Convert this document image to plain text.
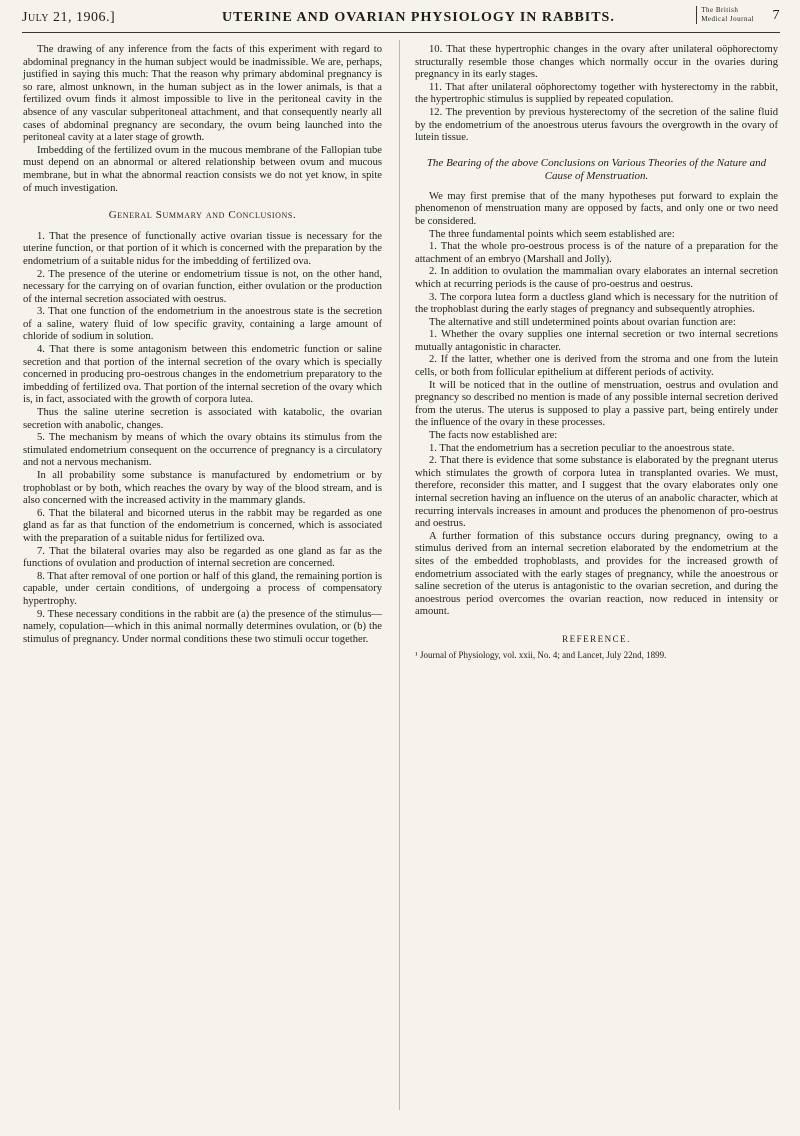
July 21, 1906.]	UTERINE AND OVARIAN PHYSIOLOGY IN RABBITS.	The British
Medical Journal 7

The drawing of any inference from the facts of this experiment with regard to abdominal pregnancy in the human subject would be inadmissible. We are, perhaps, justified in saying this much: That the reason why primary abdominal pregnancy is so rare, almost unknown, in the human subject as in the lower animals, is that a fertilized ovum finds it almost impossible to live in the peritoneal cavity in the absence of any vascular subperitoneal attachment, and that consequently nearly all cases of abdominal pregnancy are secondary, the ovum being launched into the peritoneal cavity at a later stage of growth.

Imbedding of the fertilized ovum in the mucous membrane of the Fallopian tube must depend on an abnormal or altered relationship between ovum and mucous membrane, but in what the abnormal reaction consists we do not yet know, in spite of much investigation.

General Summary and Conclusions.

1. That the presence of functionally active ovarian tissue is necessary for the uterine function, or that portion of it which is concerned with the preparation by the endometrium of a suitable nidus for the imbedding of fertilized ova.

2. The presence of the uterine or endometrium tissue is not, on the other hand, necessary for the carrying on of ovarian function, either ovulation or the production of the internal secretion associated with oestrus.

3. That one function of the endometrium in the anoestrous state is the secretion of a saline, watery fluid of low specific gravity, containing a large amount of chloride of sodium in solution.

4. That there is some antagonism between this endometric function or saline secretion and that portion of the internal secretion of the ovary which is specially concerned in producing pro-oestrous changes in the endometrium preparatory to the imbedding of fertilized ova. That portion of the internal secretion of the ovary which is, in fact, associated with the growth of corpora lutea.

Thus the saline uterine secretion is associated with katabolic, the ovarian secretion with anabolic, changes.

5. The mechanism by means of which the ovary obtains its stimulus from the stimulated endometrium consequent on the occurrence of pregnancy is a circulatory and not a nervous mechanism.

In all probability some substance is manufactured by endometrium or by trophoblast or by both, which reaches the ovary by way of the blood stream, and is also concerned with the increased activity in the mammary glands.

6. That the bilateral and bicorned uterus in the rabbit may be regarded as one gland as far as that function of the endometrium is concerned, which is associated with the preparation of a suitable nidus for fertilized ova.

7. That the bilateral ovaries may also be regarded as one gland as far as the functions of ovulation and production of internal secretion are concerned.

8. That after removal of one portion or half of this gland, the remaining portion is capable, under certain conditions, of undergoing a process of compensatory hypertrophy.

9. These necessary conditions in the rabbit are (a) the presence of the stimulus—namely, copulation—which in this animal normally determines ovulation, or (b) the stimulus of pregnancy. Under normal conditions these two stimuli occur together.

10. That these hypertrophic changes in the ovary after unilateral oöphorectomy structurally resemble those changes which normally occur in the ovaries during pregnancy in its early stages.

11. That after unilateral oöphorectomy together with hysterectomy in the rabbit, the hypertrophic stimulus is supplied by repeated copulation.

12. The prevention by previous hysterectomy of the secretion of the saline fluid by the endometrium of the anoestrous uterus favours the overgrowth in the ovary of lutein tissue.

The Bearing of the above Conclusions on Various Theories of the Nature and Cause of Menstruation.

We may first premise that of the many hypotheses put forward to explain the phenomenon of menstruation many are opposed by facts, and only one or two need be considered.

The three fundamental points which seem established are:

1. That the whole pro-oestrous process is of the nature of a preparation for the attachment of an embryo (Marshall and Jolly).

2. In addition to ovulation the mammalian ovary elaborates an internal secretion which at recurring periods is the cause of pro-oestrus and oestrus.

3. The corpora lutea form a ductless gland which is necessary for the nutrition of the trophoblast during the early stages of pregnancy and subsequently atrophies.

The alternative and still undetermined points about ovarian function are:

1. Whether the ovary supplies one internal secretion or two internal secretions mutually antagonistic in character.

2. If the latter, whether one is derived from the stroma and one from the lutein cells, or both from follicular epithelium at different periods of activity.

It will be noticed that in the outline of menstruation, oestrus and ovulation and pregnancy so described no mention is made of any possible internal secretion derived from the uterus. The uterus is supposed to play a passive part, being entirely under the influence of the ovary in these processes.

The facts now established are:

1. That the endometrium has a secretion peculiar to the anoestrous state.

2. That there is evidence that some substance is elaborated by the pregnant uterus which stimulates the growth of corpora lutea in transplanted ovaries. We must, therefore, reconsider this matter, and I suggest that the ovary elaborates only one internal secretion having an influence on the uterus of an anabolic character, which at recurring intervals increases in amount and produces the phenomenon of pro-oestrus and oestrus.

A further formation of this substance occurs during pregnancy, owing to a stimulus derived from an internal secretion elaborated by the endometrium at the sites of the embedded trophoblasts, and provides for the increased growth of endometrium associated with the early stages of pregnancy, while the anoestrous or saline secretion of the uterus is antagonistic to the ovarian secretion, and during the anoestrous period overcomes the ovarian reaction, now reduced in intensity or amount.

REFERENCE.

¹ Journal of Physiology, vol. xxii, No. 4; and Lancet, July 22nd, 1899.
